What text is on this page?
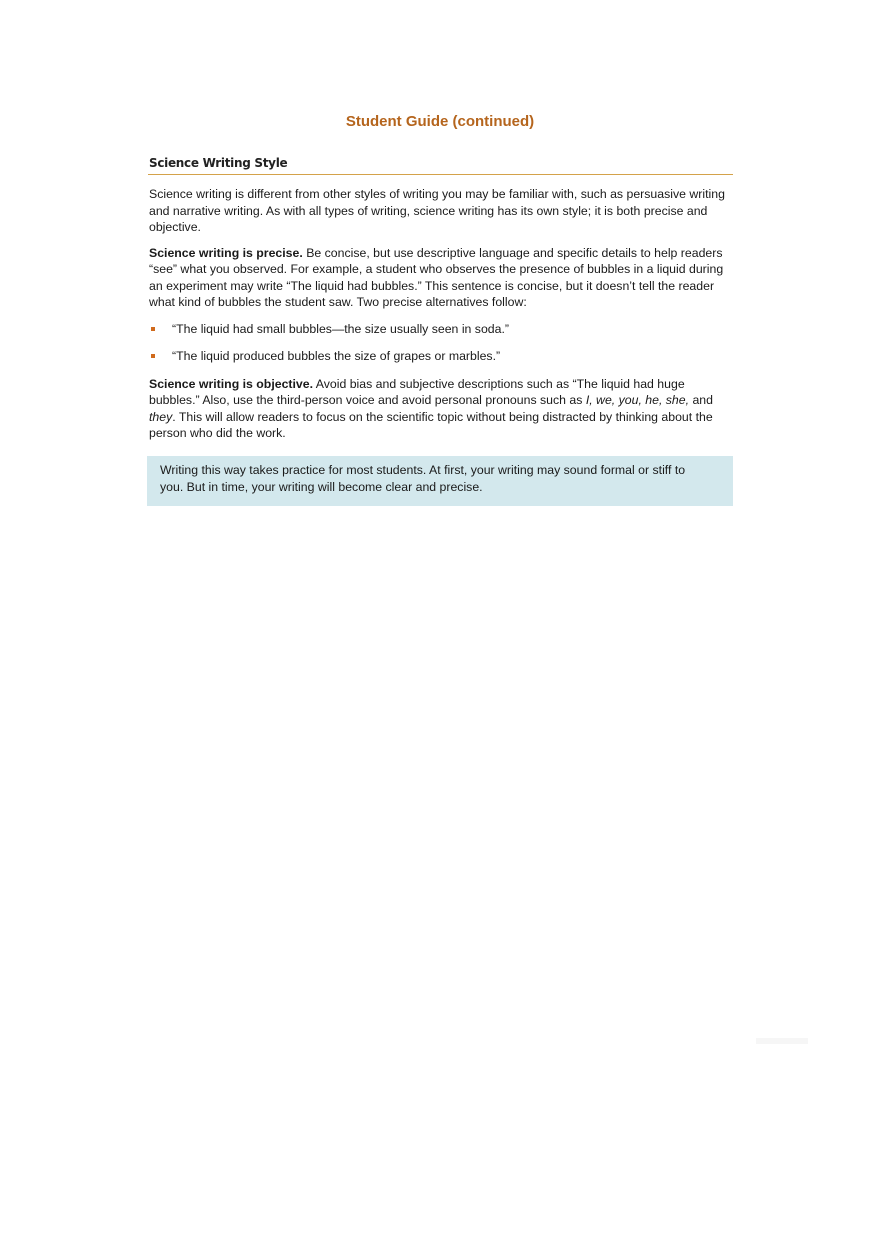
Student Guide (continued)
Science Writing Style

Science writing is different from other styles of writing you may be familiar with, such as persuasive writing and narrative writing. As with all types of writing, science writing has its own style; it is both precise and objective.

Science writing is precise. Be concise, but use descriptive language and specific details to help readers “see” what you observed. For example, a student who observes the presence of bubbles in a liquid during an experiment may write “The liquid had bubbles.” This sentence is concise, but it doesn’t tell the reader what kind of bubbles the student saw. Two precise alternatives follow:

“The liquid had small bubbles—the size usually seen in soda.”
“The liquid produced bubbles the size of grapes or marbles.”

Science writing is objective. Avoid bias and subjective descriptions such as “The liquid had huge bubbles.” Also, use the third-person voice and avoid personal pronouns such as I, we, you, he, she, and they. This will allow readers to focus on the scientific topic without being distracted by thinking about the person who did the work.

Writing this way takes practice for most students. At first, your writing may sound formal or stiff to you. But in time, your writing will become clear and precise.
